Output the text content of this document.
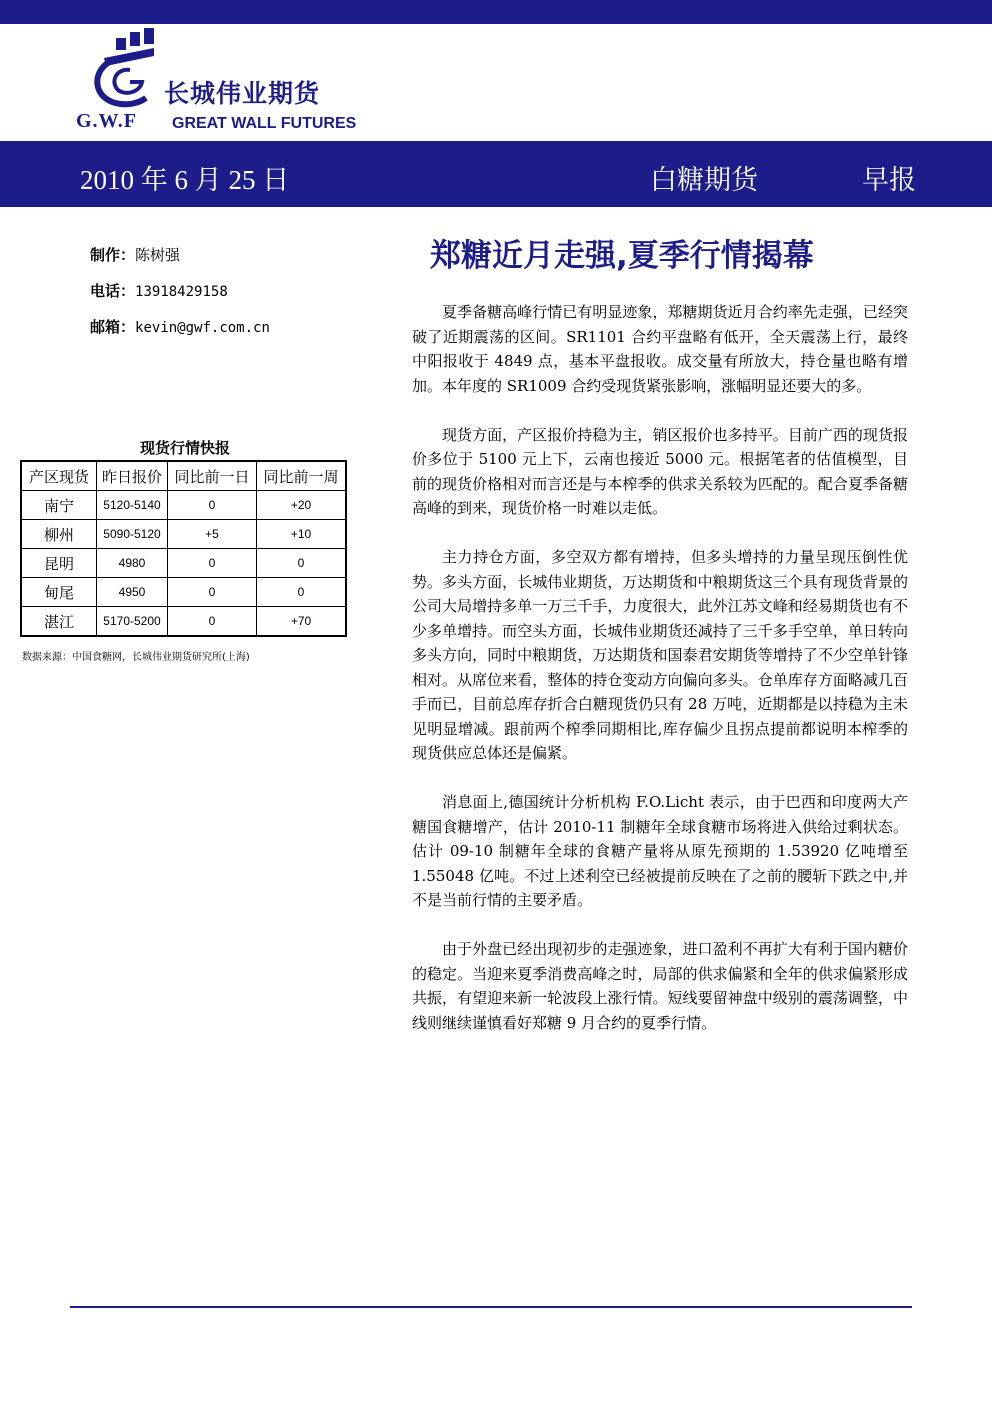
G.W.F
长城伟业期货
GREAT WALL FUTURES
2010 年 6 月 25 日	白糖期货	早报
制作：陈树强
电话：13918429158
邮箱：kevin@gwf.com.cn
郑糖近月走强,夏季行情揭幕

夏季备糖高峰行情已有明显迹象，郑糖期货近月合约率先走强，已经突破了近期震荡的区间。SR1101 合约平盘略有低开，全天震荡上行，最终中阳报收于 4849 点，基本平盘报收。成交量有所放大，持仓量也略有增加。本年度的 SR1009 合约受现货紧张影响，涨幅明显还要大的多。

现货方面，产区报价持稳为主，销区报价也多持平。目前广西的现货报价多位于 5100 元上下，云南也接近 5000 元。根据笔者的估值模型，目前的现货价格相对而言还是与本榨季的供求关系较为匹配的。配合夏季备糖高峰的到来，现货价格一时难以走低。

主力持仓方面，多空双方都有增持，但多头增持的力量呈现压倒性优势。多头方面，长城伟业期货，万达期货和中粮期货这三个具有现货背景的公司大局增持多单一万三千手，力度很大，此外江苏文峰和经易期货也有不少多单增持。而空头方面，长城伟业期货还减持了三千多手空单，单日转向多头方向，同时中粮期货，万达期货和国泰君安期货等增持了不少空单针锋相对。从席位来看，整体的持仓变动方向偏向多头。仓单库存方面略减几百手而已，目前总库存折合白糖现货仍只有 28 万吨，近期都是以持稳为主未见明显增减。跟前两个榨季同期相比,库存偏少且拐点提前都说明本榨季的现货供应总体还是偏紧。

消息面上,德国统计分析机构 F.O.Licht 表示，由于巴西和印度两大产糖国食糖增产，估计 2010-11 制糖年全球食糖市场将进入供给过剩状态。估计 09-10 制糖年全球的食糖产量将从原先预期的 1.53920 亿吨增至 1.55048 亿吨。不过上述利空已经被提前反映在了之前的腰斩下跌之中,并不是当前行情的主要矛盾。

由于外盘已经出现初步的走强迹象，进口盈利不再扩大有利于国内糖价的稳定。当迎来夏季消费高峰之时，局部的供求偏紧和全年的供求偏紧形成共振，有望迎来新一轮波段上涨行情。短线要留神盘中级别的震荡调整，中线则继续谨慎看好郑糖 9 月合约的夏季行情。

现货行情快报
产区现货	昨日报价	同比前一日	同比前一周
南宁	5120-5140	0	+20
柳州	5090-5120	+5	+10
昆明	4980	0	0
甸尾	4950	0	0
湛江	5170-5200	0	+70
数据来源：中国食糖网，长城伟业期货研究所(上海)
